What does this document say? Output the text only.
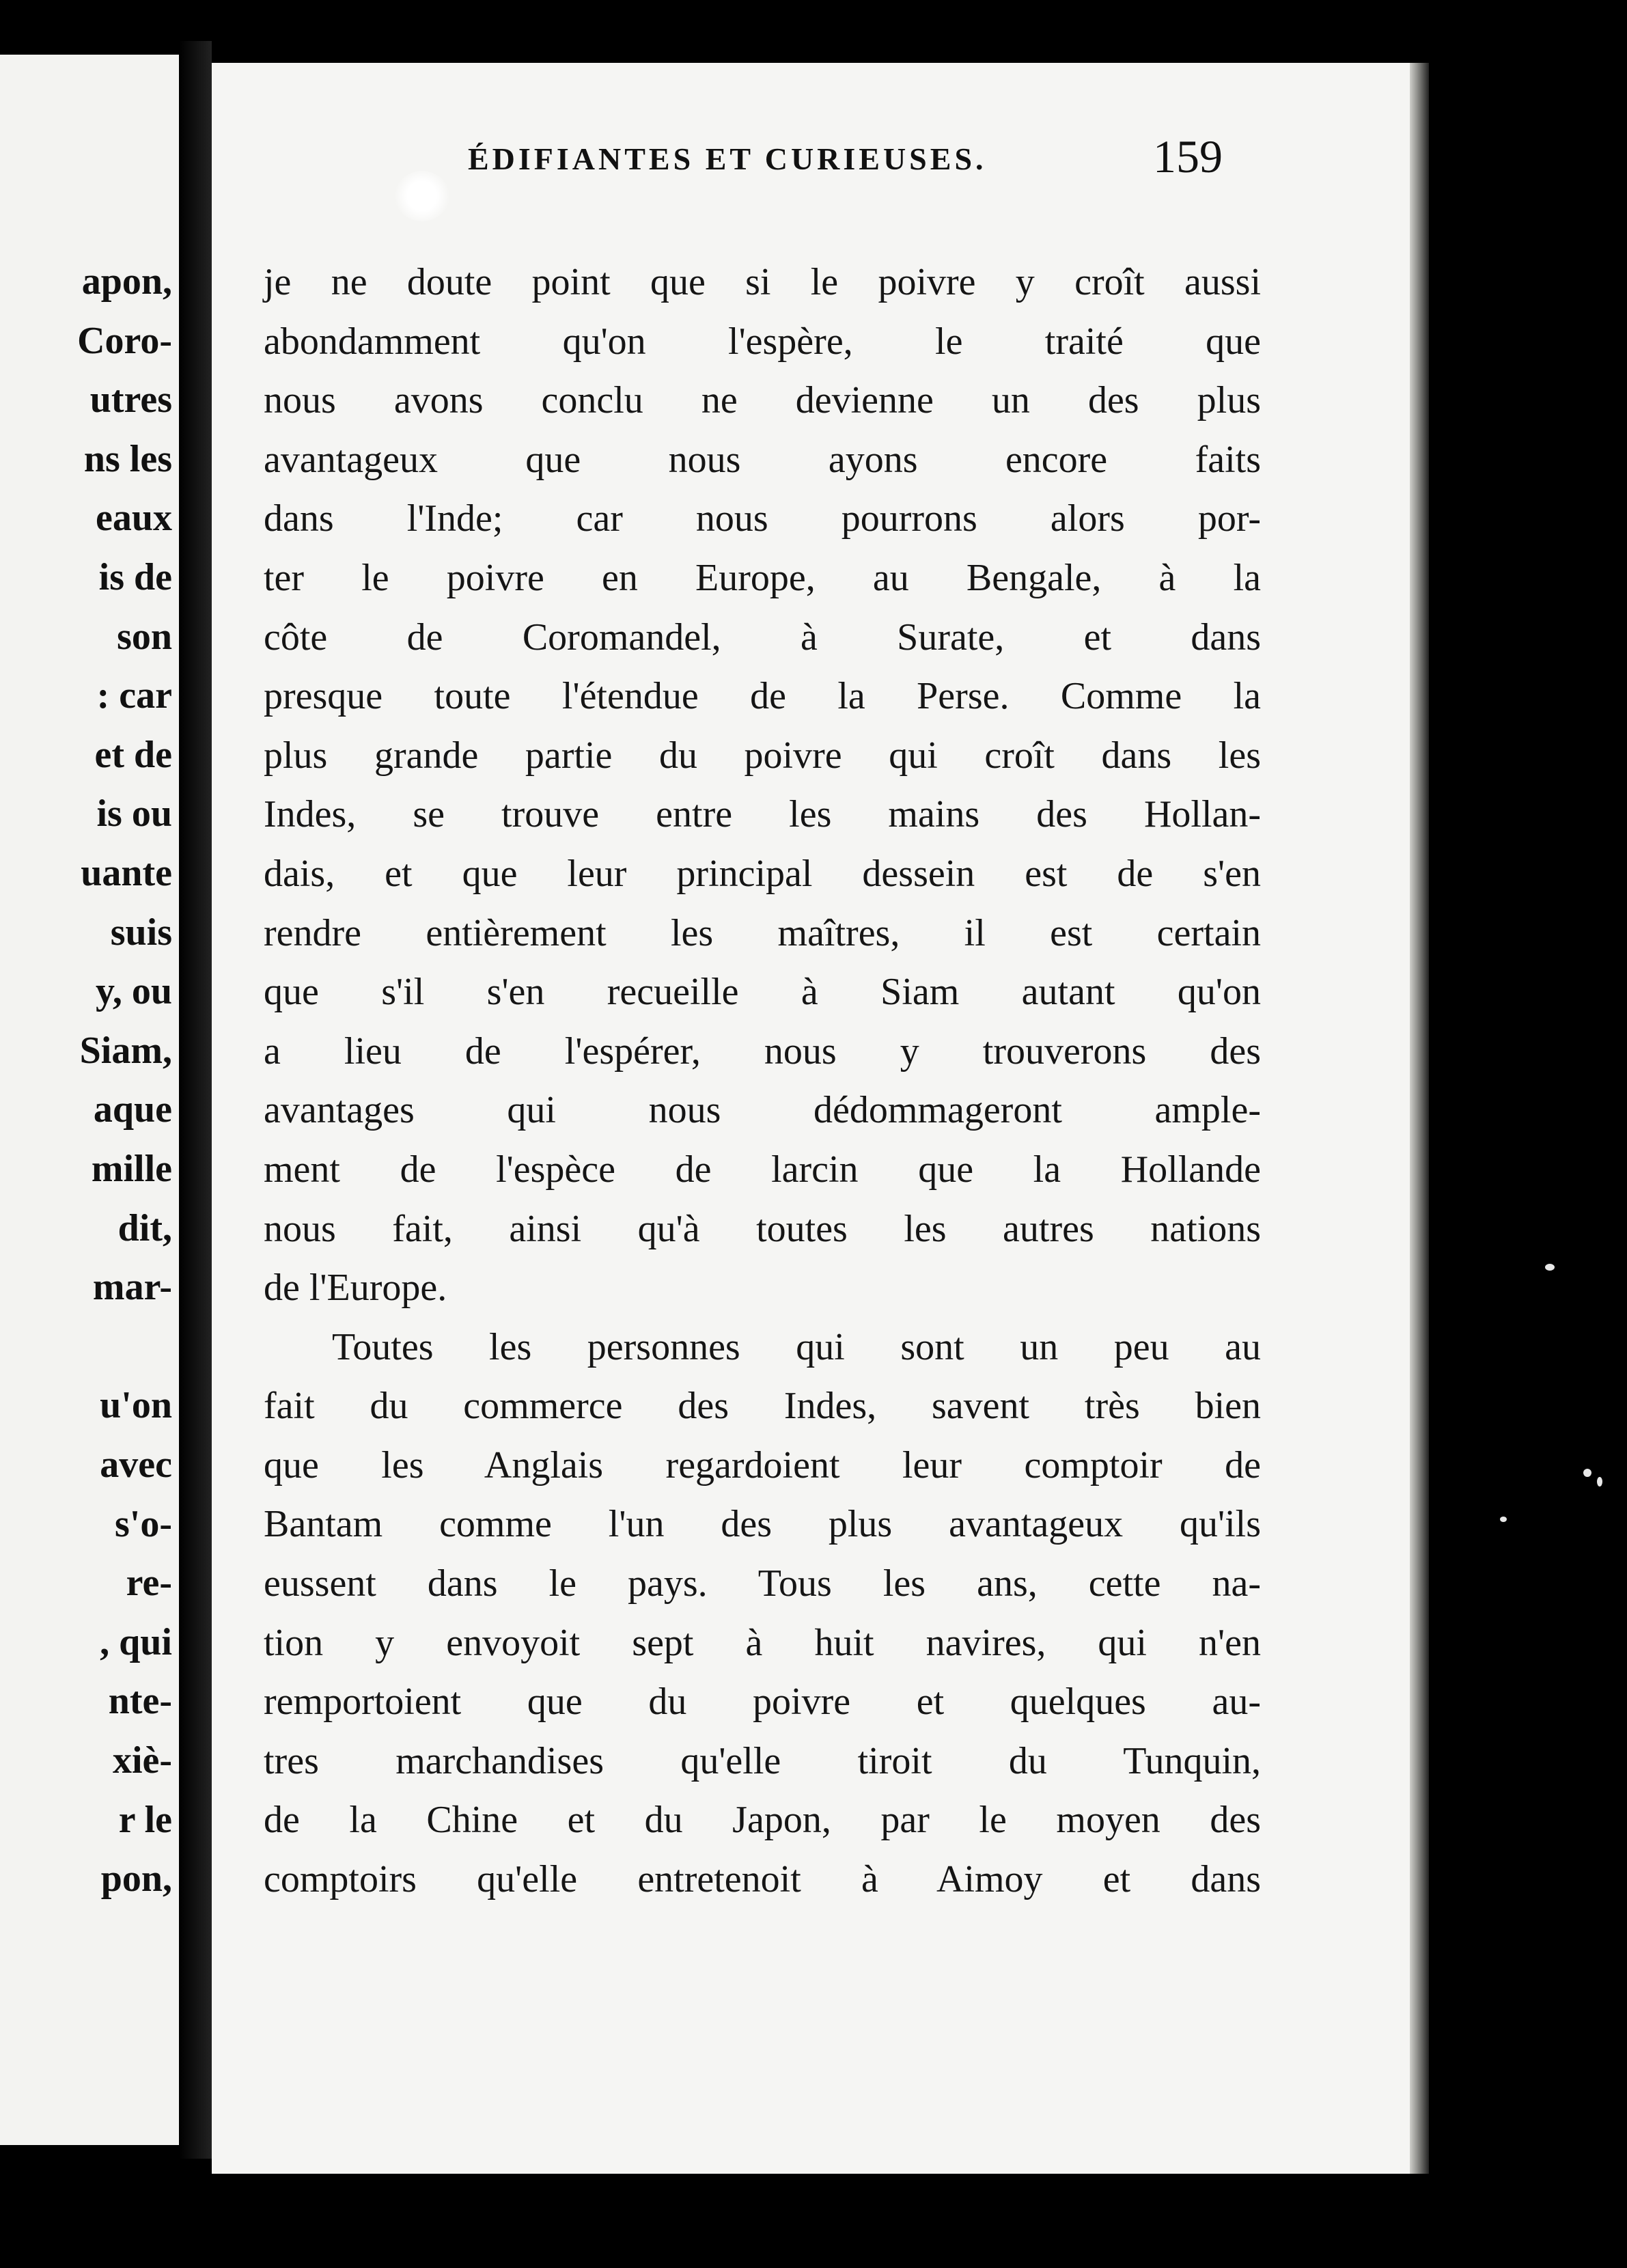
apon,
Coro-
utres
ns les
eaux
is de
son
: car
et de
is ou
uante
suis
y, ou
Siam,
aque
mille
dit,
mar-
u'on
avec
s'o-
re-
, qui
nte-
xiè-
r le
pon,
ÉDIFIANTES ET CURIEUSES.	159
je ne doute point que si le poivre y croît aussi
abondamment qu'on l'espère, le traité que
nous avons conclu ne devienne un des plus
avantageux que nous ayons encore faits
dans l'Inde; car nous pourrons alors por-
ter le poivre en Europe, au Bengale, à la
côte de Coromandel, à Surate, et dans
presque toute l'étendue de la Perse. Comme la
plus grande partie du poivre qui croît dans les
Indes, se trouve entre les mains des Hollan-
dais, et que leur principal dessein est de s'en
rendre entièrement les maîtres, il est certain
que s'il s'en recueille à Siam autant qu'on
a lieu de l'espérer, nous y trouverons des
avantages qui nous dédommageront ample-
ment de l'espèce de larcin que la Hollande
nous fait, ainsi qu'à toutes les autres nations
de l'Europe.
Toutes les personnes qui sont un peu au
fait du commerce des Indes, savent très bien
que les Anglais regardoient leur comptoir de
Bantam comme l'un des plus avantageux qu'ils
eussent dans le pays. Tous les ans, cette na-
tion y envoyoit sept à huit navires, qui n'en
remportoient que du poivre et quelques au-
tres marchandises qu'elle tiroit du Tunquin,
de la Chine et du Japon, par le moyen des
comptoirs qu'elle entretenoit à Aimoy et dans
